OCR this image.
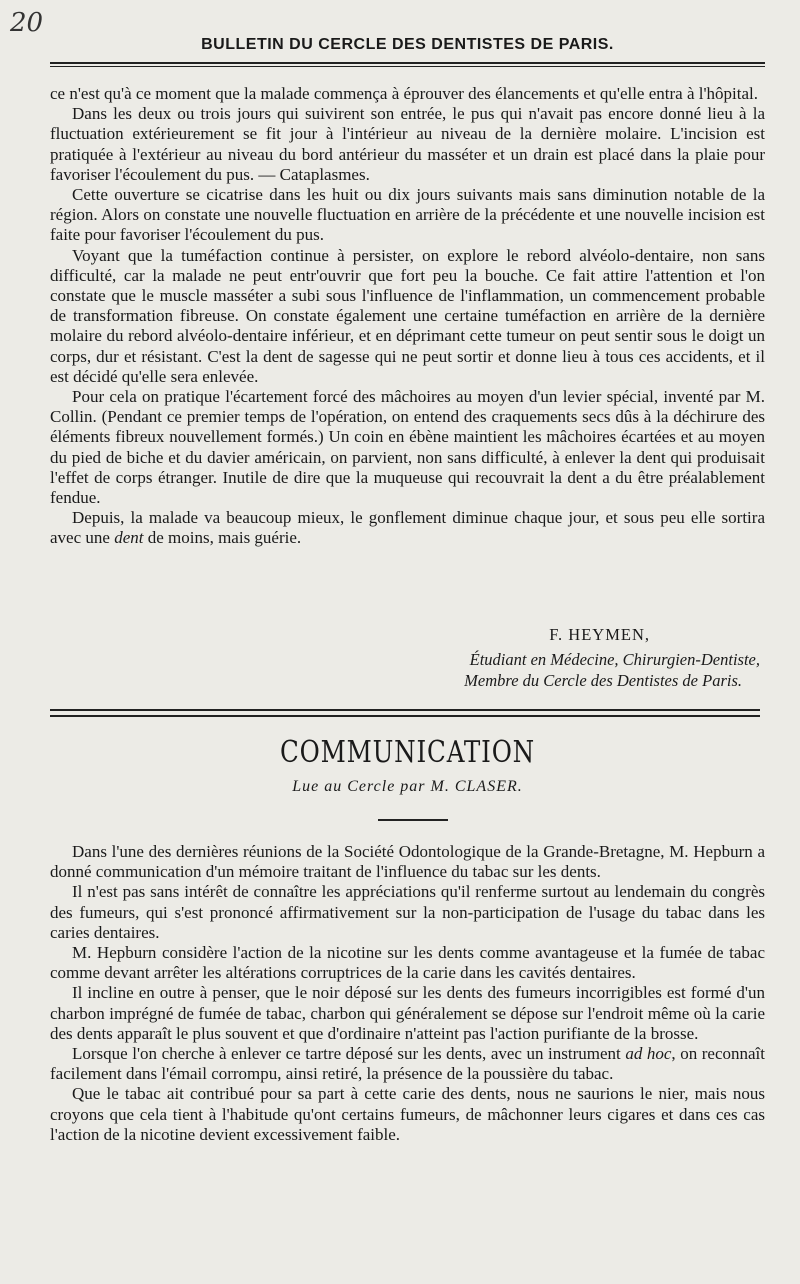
20
BULLETIN DU CERCLE DES DENTISTES DE PARIS.

ce n'est qu'à ce moment que la malade commença à éprouver des élancements et qu'elle entra à l'hôpital.

Dans les deux ou trois jours qui suivirent son entrée, le pus qui n'avait pas encore donné lieu à la fluctuation extérieurement se fit jour à l'intérieur au niveau de la dernière molaire. L'incision est pratiquée à l'extérieur au niveau du bord antérieur du masséter et un drain est placé dans la plaie pour favoriser l'écoulement du pus. — Cataplasmes.

Cette ouverture se cicatrise dans les huit ou dix jours suivants mais sans diminution notable de la région. Alors on constate une nouvelle fluctuation en arrière de la précédente et une nouvelle incision est faite pour favoriser l'écoulement du pus.

Voyant que la tuméfaction continue à persister, on explore le rebord alvéolo-dentaire, non sans difficulté, car la malade ne peut entr'ouvrir que fort peu la bouche. Ce fait attire l'attention et l'on constate que le muscle masséter a subi sous l'influence de l'inflammation, un commencement probable de transformation fibreuse. On constate également une certaine tuméfaction en arrière de la dernière molaire du rebord alvéolo-dentaire inférieur, et en déprimant cette tumeur on peut sentir sous le doigt un corps, dur et résistant. C'est la dent de sagesse qui ne peut sortir et donne lieu à tous ces accidents, et il est décidé qu'elle sera enlevée.

Pour cela on pratique l'écartement forcé des mâchoires au moyen d'un levier spécial, inventé par M. Collin. (Pendant ce premier temps de l'opération, on entend des craquements secs dûs à la déchirure des éléments fibreux nouvellement formés.) Un coin en ébène maintient les mâchoires écartées et au moyen du pied de biche et du davier américain, on parvient, non sans difficulté, à enlever la dent qui produisait l'effet de corps étranger. Inutile de dire que la muqueuse qui recouvrait la dent a du être préalablement fendue.

Depuis, la malade va beaucoup mieux, le gonflement diminue chaque jour, et sous peu elle sortira avec une dent de moins, mais guérie.

F. HEYMEN,
Étudiant en Médecine, Chirurgien-Dentiste,
Membre du Cercle des Dentistes de Paris.
COMMUNICATION
Lue au Cercle par M. CLASER.

Dans l'une des dernières réunions de la Société Odontologique de la Grande-Bretagne, M. Hepburn a donné communication d'un mémoire traitant de l'influence du tabac sur les dents.

Il n'est pas sans intérêt de connaître les appréciations qu'il renferme surtout au lendemain du congrès des fumeurs, qui s'est prononcé affirmativement sur la non-participation de l'usage du tabac dans les caries dentaires.

M. Hepburn considère l'action de la nicotine sur les dents comme avantageuse et la fumée de tabac comme devant arrêter les altérations corruptrices de la carie dans les cavités dentaires.

Il incline en outre à penser, que le noir déposé sur les dents des fumeurs incorrigibles est formé d'un charbon imprégné de fumée de tabac, charbon qui généralement se dépose sur l'endroit même où la carie des dents apparaît le plus souvent et que d'ordinaire n'atteint pas l'action purifiante de la brosse.

Lorsque l'on cherche à enlever ce tartre déposé sur les dents, avec un instrument ad hoc, on reconnaît facilement dans l'émail corrompu, ainsi retiré, la présence de la poussière du tabac.

Que le tabac ait contribué pour sa part à cette carie des dents, nous ne saurions le nier, mais nous croyons que cela tient à l'habitude qu'ont certains fumeurs, de mâchonner leurs cigares et dans ces cas l'action de la nicotine devient excessivement faible.
